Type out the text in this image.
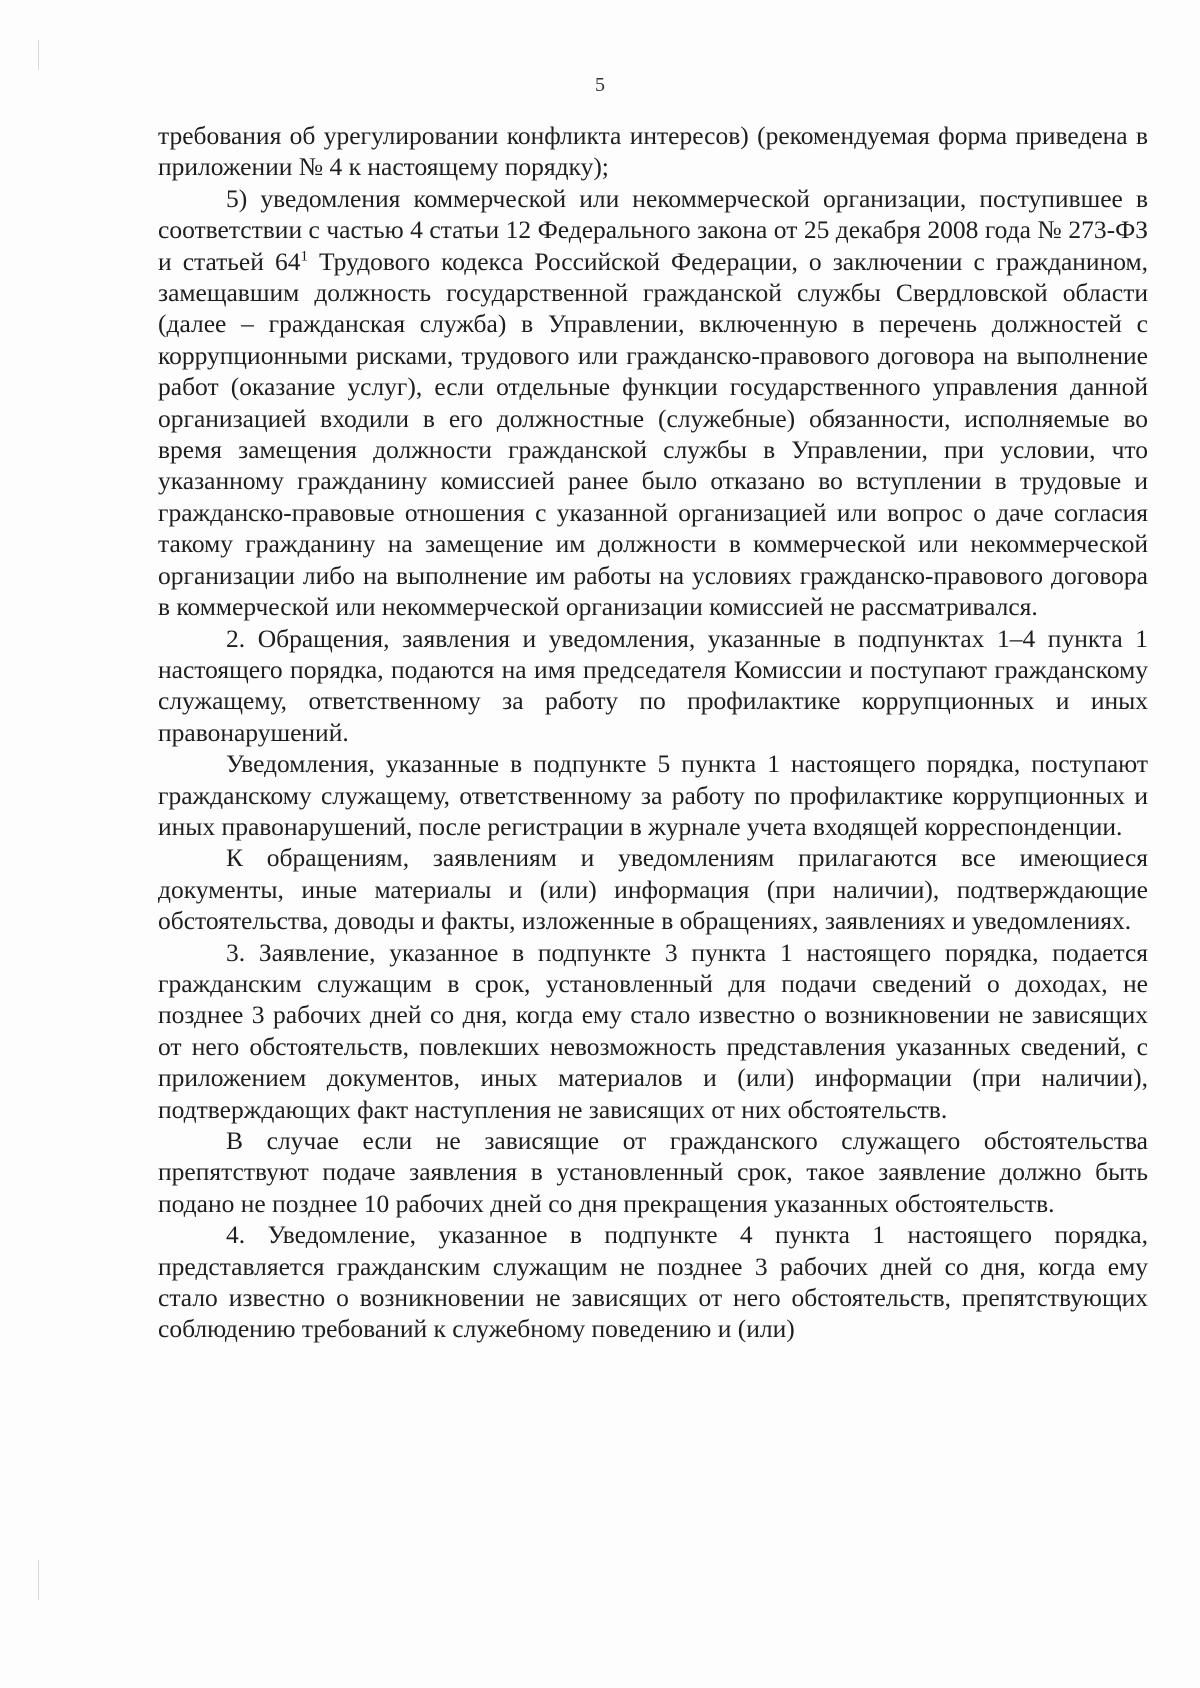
5

требования об урегулировании конфликта интересов) (рекомендуемая форма приведена в приложении № 4 к настоящему порядку);

5) уведомления коммерческой или некоммерческой организации, поступившее в соответствии с частью 4 статьи 12 Федерального закона от 25 декабря 2008 года № 273-ФЗ и статьей $64^1$ Трудового кодекса Российской Федерации, о заключении с гражданином, замещавшим должность государственной гражданской службы Свердловской области (далее – гражданская служба) в Управлении, включенную в перечень должностей с коррупционными рисками, трудового или гражданско-правового договора на выполнение работ (оказание услуг), если отдельные функции государственного управления данной организацией входили в его должностные (служебные) обязанности, исполняемые во время замещения должности гражданской службы в Управлении, при условии, что указанному гражданину комиссией ранее было отказано во вступлении в трудовые и гражданско-правовые отношения с указанной организацией или вопрос о даче согласия такому гражданину на замещение им должности в коммерческой или некоммерческой организации либо на выполнение им работы на условиях гражданско-правового договора в коммерческой или некоммерческой организации комиссией не рассматривался.

2. Обращения, заявления и уведомления, указанные в подпунктах 1–4 пункта 1 настоящего порядка, подаются на имя председателя Комиссии и поступают гражданскому служащему, ответственному за работу по профилактике коррупционных и иных правонарушений.

Уведомления, указанные в подпункте 5 пункта 1 настоящего порядка, поступают гражданскому служащему, ответственному за работу по профилактике коррупционных и иных правонарушений, после регистрации в журнале учета входящей корреспонденции.

К обращениям, заявлениям и уведомлениям прилагаются все имеющиеся документы, иные материалы и (или) информация (при наличии), подтверждающие обстоятельства, доводы и факты, изложенные в обращениях, заявлениях и уведомлениях.

3. Заявление, указанное в подпункте 3 пункта 1 настоящего порядка, подается гражданским служащим в срок, установленный для подачи сведений о доходах, не позднее 3 рабочих дней со дня, когда ему стало известно о возникновении не зависящих от него обстоятельств, повлекших невозможность представления указанных сведений, с приложением документов, иных материалов и (или) информации (при наличии), подтверждающих факт наступления не зависящих от них обстоятельств.

В случае если не зависящие от гражданского служащего обстоятельства препятствуют подаче заявления в установленный срок, такое заявление должно быть подано не позднее 10 рабочих дней со дня прекращения указанных обстоятельств.

4. Уведомление, указанное в подпункте 4 пункта 1 настоящего порядка, представляется гражданским служащим не позднее 3 рабочих дней со дня, когда ему стало известно о возникновении не зависящих от него обстоятельств, препятствующих соблюдению требований к служебному поведению и (или)
